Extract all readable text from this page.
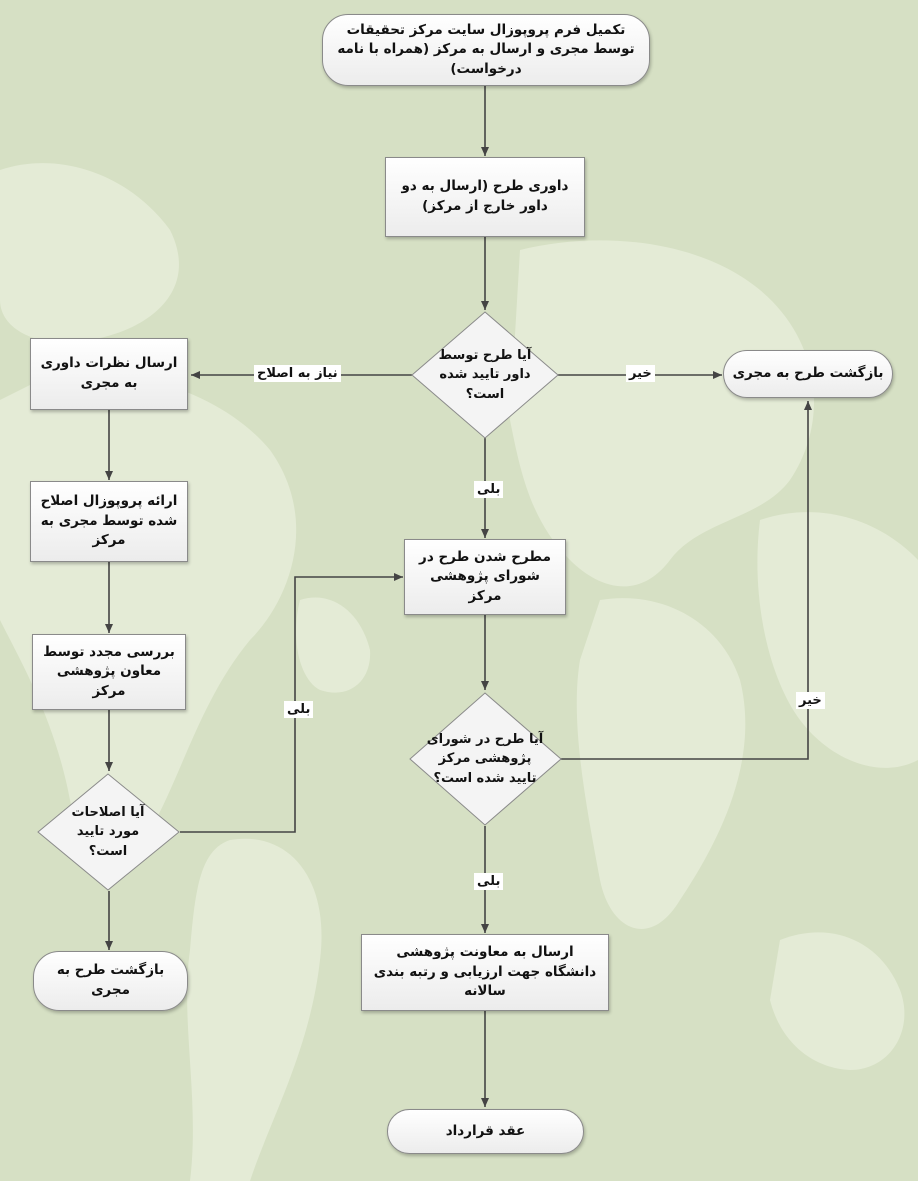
تکمیل فرم پروپوزال سایت مرکز تحقیقات توسط مجری و ارسال به مرکز (همراه با نامه درخواست)
داوری طرح (ارسال به دو داور خارج از مرکز)
آیا طرح توسط داور تایید شده است؟
ارسال نظرات داوری به مجری
بازگشت طرح به مجری
ارائه پروپوزال اصلاح شده توسط مجری به مرکز
مطرح شدن طرح در شورای پژوهشی مرکز
بررسی مجدد توسط معاون پژوهشی مرکز
آیا طرح در شورای پژوهشی مرکز تایید شده است؟
آیا اصلاحات مورد تایید است؟
بازگشت طرح به مجری
ارسال به معاونت پژوهشی دانشگاه جهت ارزیابی و رتبه بندی سالانه
عقد قرارداد
نیاز به اصلاح	خیر
بلی
بلی
خیر
بلی
